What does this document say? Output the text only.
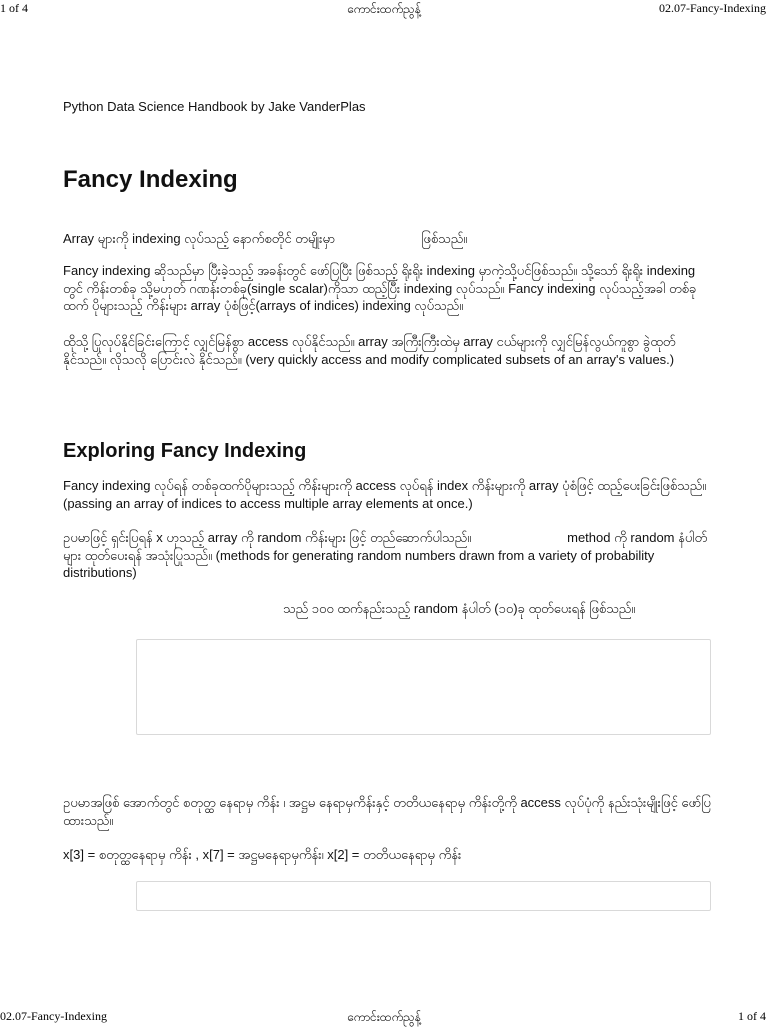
1 of 4	ကောင်းထက်ညွန့်	02.07-Fancy-Indexing

Python Data Science Handbook by Jake VanderPlas

Fancy Indexing

Array များကို indexing လုပ်သည့် နောက်စတိုင် တမျိုးမှာ	ဖြစ်သည်။

Fancy indexing ဆိုသည်မှာ ပြီးခဲ့သည့် အခန်းတွင် ဖော်ပြပြီး ဖြစ်သည့် ရိုးရိုး indexing မှာကဲ့သို့ပင်ဖြစ်သည်။ သို့သော် ရိုးရိုး indexing တွင် ကိန်းတစ်ခု သို့မဟုတ် ဂဏန်းတစ်ခု(single scalar)ကိုသာ ထည့်ပြီး indexing လုပ်သည်။ Fancy indexing လုပ်သည့်အခါ တစ်ခုထက် ပိုများသည့် ကိန်းများ array ပုံစံဖြင့်(arrays of indices) indexing လုပ်သည်။

ထိုသို့ ပြုလုပ်နိုင်ခြင်းကြောင့် လျှင်မြန်စွာ access လုပ်နိုင်သည်။ array အကြီးကြီးထဲမှ array ငယ်များကို လျှင်မြန်လွယ်ကူစွာ ခွဲထုတ်နိုင်သည်။ လိုသလို ပြောင်းလဲ နိုင်သည်။ (very quickly access and modify complicated subsets of an array's values.)

Exploring Fancy Indexing

Fancy indexing လုပ်ရန် တစ်ခုထက်ပိုများသည့် ကိန်းများကို access လုပ်ရန် index ကိန်းများကို array ပုံစံဖြင့် ထည့်ပေးခြင်းဖြစ်သည်။ (passing an array of indices to access multiple array elements at once.)

ဥပမာဖြင့် ရှင်းပြရန် x ဟုသည့် array ကို random ကိန်းများ ဖြင့် တည်ဆောက်ပါသည်။	method ကို random နံပါတ်များ ထုတ်ပေးရန် အသုံးပြုသည်။ (methods for generating random numbers drawn from a variety of probability distributions)

သည် ၁၀၀ ထက်နည်းသည့် random နံပါတ် (၁၀)ခု ထုတ်ပေးရန် ဖြစ်သည်။

ဥပမာအဖြစ် အောက်တွင် စတုတ္ထ နေရာမှ ကိန်း ၊ အဋ္ဌမ နေရာမှကိန်းနှင့် တတိယနေရာမှ ကိန်းတို့ကို access လုပ်ပုံကို နည်းသုံးမျိုးဖြင့် ဖော်ပြထားသည်။

x[3] = စတုတ္ထနေရာမှ ကိန်း , x[7] = အဋ္ဌမနေရာမှကိန်း၊ x[2] = တတိယနေရာမှ ကိန်း

02.07-Fancy-Indexing	ကောင်းထက်ညွန့်	1 of 4
